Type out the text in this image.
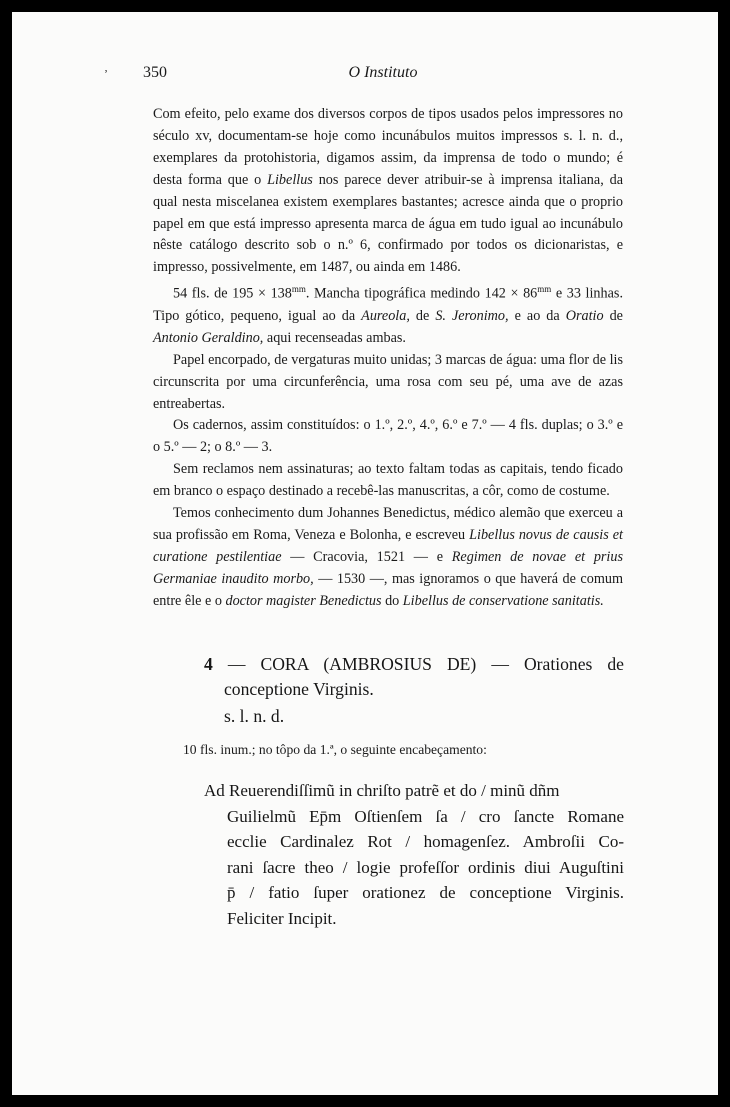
‚ 350	O Instituto

Com efeito, pelo exame dos diversos corpos de tipos usados pelos impressores no século xv, documentam-se hoje como incunábulos muitos impressos s. l. n. d., exemplares da protohistoria, digamos assim, da imprensa de todo o mundo; é desta forma que o Libellus nos parece dever atribuir-se à imprensa italiana, da qual nesta miscelanea existem exemplares bastantes; acresce ainda que o proprio papel em que está impresso apresenta marca de água em tudo igual ao incunábulo nêste catálogo descrito sob o n.º 6, confirmado por todos os dicionaristas, e impresso, possivelmente, em 1487, ou ainda em 1486.

54 fls. de $195 \times 138^{mm}$. Mancha tipográfica medindo $142 \times 86^{mm}$ e 33 linhas. Tipo gótico, pequeno, igual ao da Aureola, de S. Jeronimo, e ao da Oratio de Antonio Geraldino, aqui recenseadas ambas.

Papel encorpado, de vergaturas muito unidas; 3 marcas de água: uma flor de lis circunscrita por uma circunferência, uma rosa com seu pé, uma ave de azas entreabertas.

Os cadernos, assim constituídos: o 1.º, 2.º, 4.º, 6.º e 7.º — 4 fls. duplas; o 3.º e o 5.º — 2; o 8.º — 3.

Sem reclamos nem assinaturas; ao texto faltam todas as capitais, tendo ficado em branco o espaço destinado a recebê-las manuscritas, a côr, como de costume.

Temos conhecimento dum Johannes Benedictus, médico alemão que exerceu a sua profissão em Roma, Veneza e Bolonha, e escreveu Libellus novus de causis et curatione pestilentiae — Cracovia, 1521 — e Regimen de novae et prius Germaniae inaudito morbo, — 1530 —, mas ignoramos o que haverá de comum entre êle e o doctor magister Benedictus do Libellus de conservatione sanitatis.

4 — CORA (AMBROSIUS DE) — Orationes de conceptione Virginis.

s. l. n. d.

10 fls. inum.; no tôpo da 1.ª, o seguinte encabeçamento:
Ad Reuerendiſſimũ in chriſto patrẽ et do / minũ dñm
Guilielmũ Ep̄m Oſtienſem ſa / cro ſancte Romane
ecclie Cardinalez Rot / homagenſez. Ambroſii Co-
rani ſacre theo / logie profeſſor ordinis diui Auguſtini
p̄ / fatio ſuper orationez de conceptione Virginis.
Feliciter Incipit.
